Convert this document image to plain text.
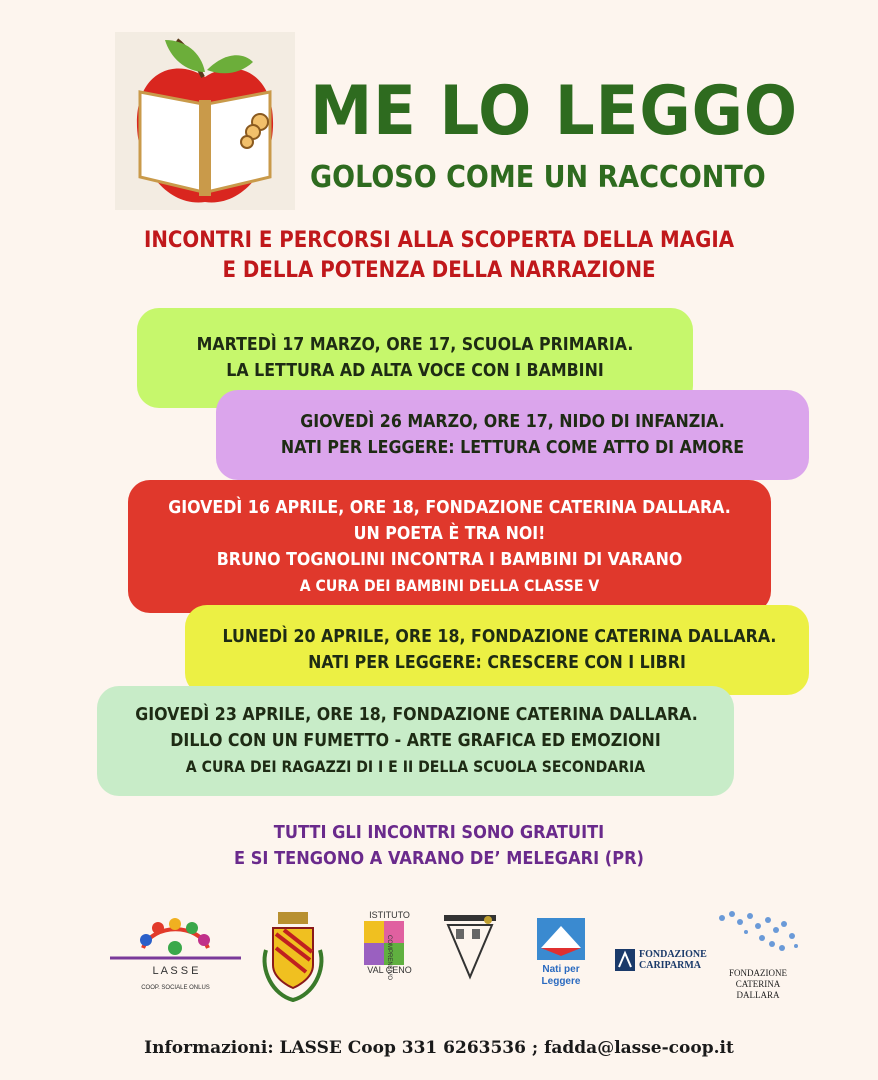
ME LO LEGGO
GOLOSO COME UN RACCONTO
INCONTRI E PERCORSI ALLA SCOPERTA DELLA MAGIA
E DELLA POTENZA DELLA NARRAZIONE
MARTEDÌ 17 MARZO, ORE 17, SCUOLA PRIMARIA.
LA LETTURA AD ALTA VOCE CON I BAMBINI
GIOVEDÌ 26 MARZO, ORE 17, NIDO DI INFANZIA.
NATI PER LEGGERE: LETTURA COME ATTO DI AMORE
GIOVEDÌ 16 APRILE, ORE 18, FONDAZIONE CATERINA DALLARA.
UN POETA È TRA NOI!
BRUNO TOGNOLINI INCONTRA I BAMBINI DI VARANO
A CURA DEI BAMBINI DELLA CLASSE V
LUNEDÌ 20 APRILE, ORE 18, FONDAZIONE CATERINA DALLARA.
NATI PER LEGGERE: CRESCERE CON I LIBRI
GIOVEDÌ 23 APRILE, ORE 18, FONDAZIONE CATERINA DALLARA.
DILLO CON UN FUMETTO - ARTE GRAFICA ED EMOZIONI
A CURA DEI RAGAZZI DI I E II DELLA SCUOLA SECONDARIA
TUTTI GLI INCONTRI SONO GRATUITI
E SI TENGONO A VARANO DE’ MELEGARI (PR)
L A S S E
COOP. SOCIALE ONLUS
ISTITUTO
VAL CENO
COMPRENSIVO	Nati per
Leggere
FONDAZIONE
CARIPARMA
FONDAZIONE
CATERINA
DALLARA
Informazioni: LASSE Coop 331 6263536 ; fadda@lasse-coop.it
